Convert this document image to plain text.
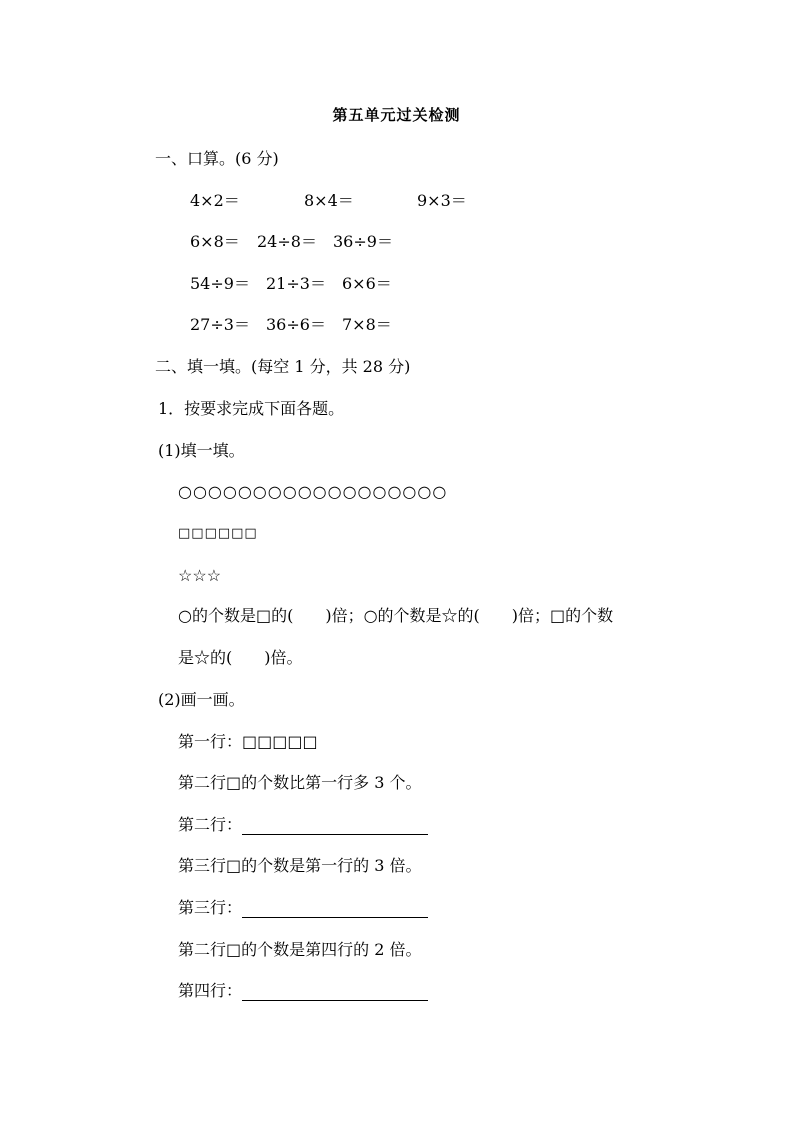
第五单元过关检测
一、口算。(6 分)
4×2＝	8×4＝	9×3＝
6×8＝ 24÷8＝ 36÷9＝
54÷9＝ 21÷3＝ 6×6＝
27÷3＝ 36÷6＝ 7×8＝
二、填一填。(每空 1 分，共 28 分)
1．按要求完成下面各题。
(1)填一填。
○○○○○○○○○○○○○○○○○○
□□□□□□
☆☆☆
○的个数是□的(　　)倍；○的个数是☆的(　　)倍；□的个数
是☆的(　　)倍。
(2)画一画。
第一行：□□□□□
第二行□的个数比第一行多 3 个。
第二行：
第三行□的个数是第一行的 3 倍。
第三行：
第二行□的个数是第四行的 2 倍。
第四行：
